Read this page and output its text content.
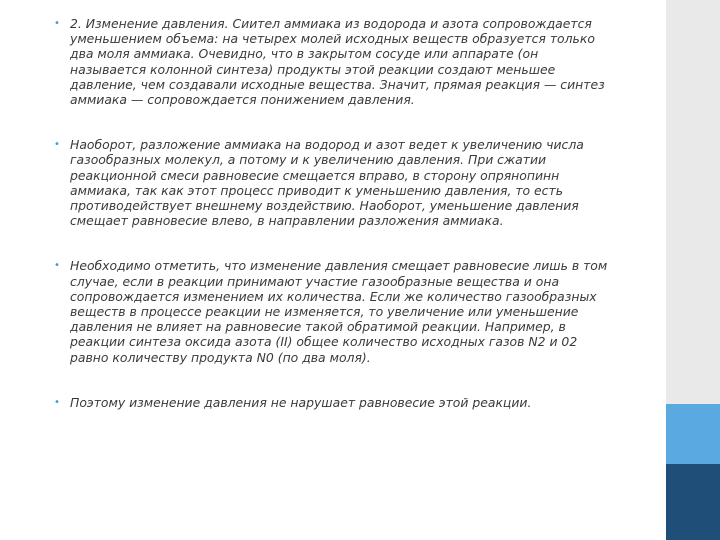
• 2. Изменение давления. Сиител аммиака из водорода и азота сопровождается уменьшением объема: на четырех молей исходных веществ образуется только два моля аммиака. Очевидно, что в закрытом сосуде или аппарате (он называется колонной синтеза) продукты этой реакции создают меньшее давление, чем создавали исходные вещества. Значит, прямая реакция — синтез аммиака — сопровождается понижением давления.
• Наоборот, разложение аммиака на водород и азот ведет к увеличению числа газообразных молекул, а потому и к увеличению давления. При сжатии реакционной смеси равновесие смещается вправо, в сторону опрянопинн аммиака, так как этот процесс приводит к уменьшению давления, то есть противодействует внешнему воздействию. Наоборот, уменьшение давления смещает равновесие влево, в направлении разложения аммиака.
• Необходимо отметить, что изменение давления смещает равновесие лишь в том случае, если в реакции принимают участие газообразные вещества и она сопровождается изменением их количества. Если же количество газообразных веществ в процессе реакции не изменяется, то увеличение или уменьшение давления не влияет на равновесие такой обратимой реакции. Например, в реакции синтеза оксида азота (II) общее количество исходных газов N2 и 02 равно количеству продукта N0 (по два моля).
• Поэтому изменение давления не нарушает равновесие этой реакции.
